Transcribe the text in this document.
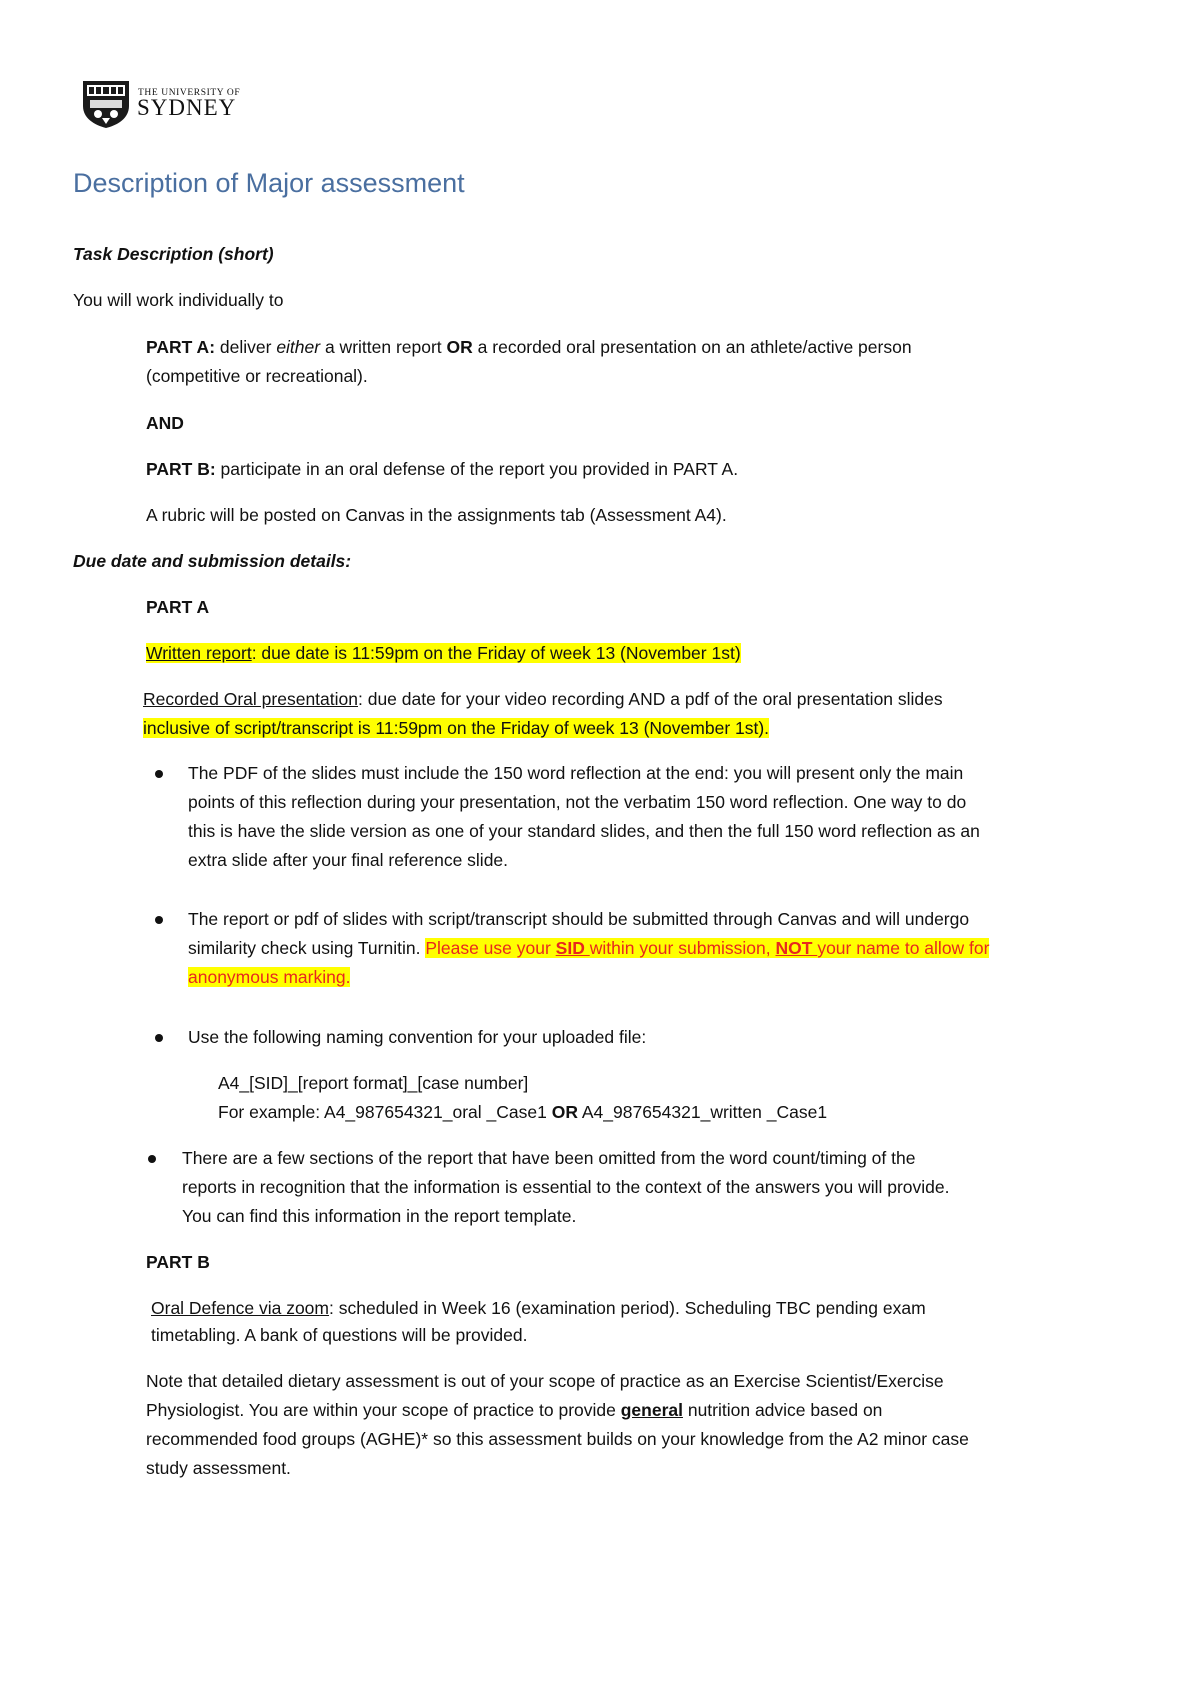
THE UNIVERSITY OF
SYDNEY
Description of Major assessment
Task Description (short)
You will work individually to
PART A: deliver either a written report OR a recorded oral presentation on an athlete/active person
(competitive or recreational).
AND
PART B: participate in an oral defense of the report you provided in PART A.
A rubric will be posted on Canvas in the assignments tab (Assessment A4).
Due date and submission details:
PART A
Written report: due date is 11:59pm on the Friday of week 13 (November 1st)
Recorded Oral presentation: due date for your video recording AND a pdf of the oral presentation slides
inclusive of script/transcript is 11:59pm on the Friday of week 13 (November 1st).
The PDF of the slides must include the 150 word reflection at the end: you will present only the main
points of this reflection during your presentation, not the verbatim 150 word reflection. One way to do
this is have the slide version as one of your standard slides, and then the full 150 word reflection as an
extra slide after your final reference slide.
The report or pdf of slides with script/transcript should be submitted through Canvas and will undergo
similarity check using Turnitin. Please use your SID within your submission, NOT your name to allow for
anonymous marking.
Use the following naming convention for your uploaded file:
A4_[SID]_[report format]_[case number]
For example: A4_987654321_oral _Case1 OR A4_987654321_written _Case1
There are a few sections of the report that have been omitted from the word count/timing of the
reports in recognition that the information is essential to the context of the answers you will provide.
You can find this information in the report template.
PART B
Oral Defence via zoom: scheduled in Week 16 (examination period). Scheduling TBC pending exam
timetabling. A bank of questions will be provided.
Note that detailed dietary assessment is out of your scope of practice as an Exercise Scientist/Exercise
Physiologist. You are within your scope of practice to provide general nutrition advice based on
recommended food groups (AGHE)* so this assessment builds on your knowledge from the A2 minor case
study assessment.
